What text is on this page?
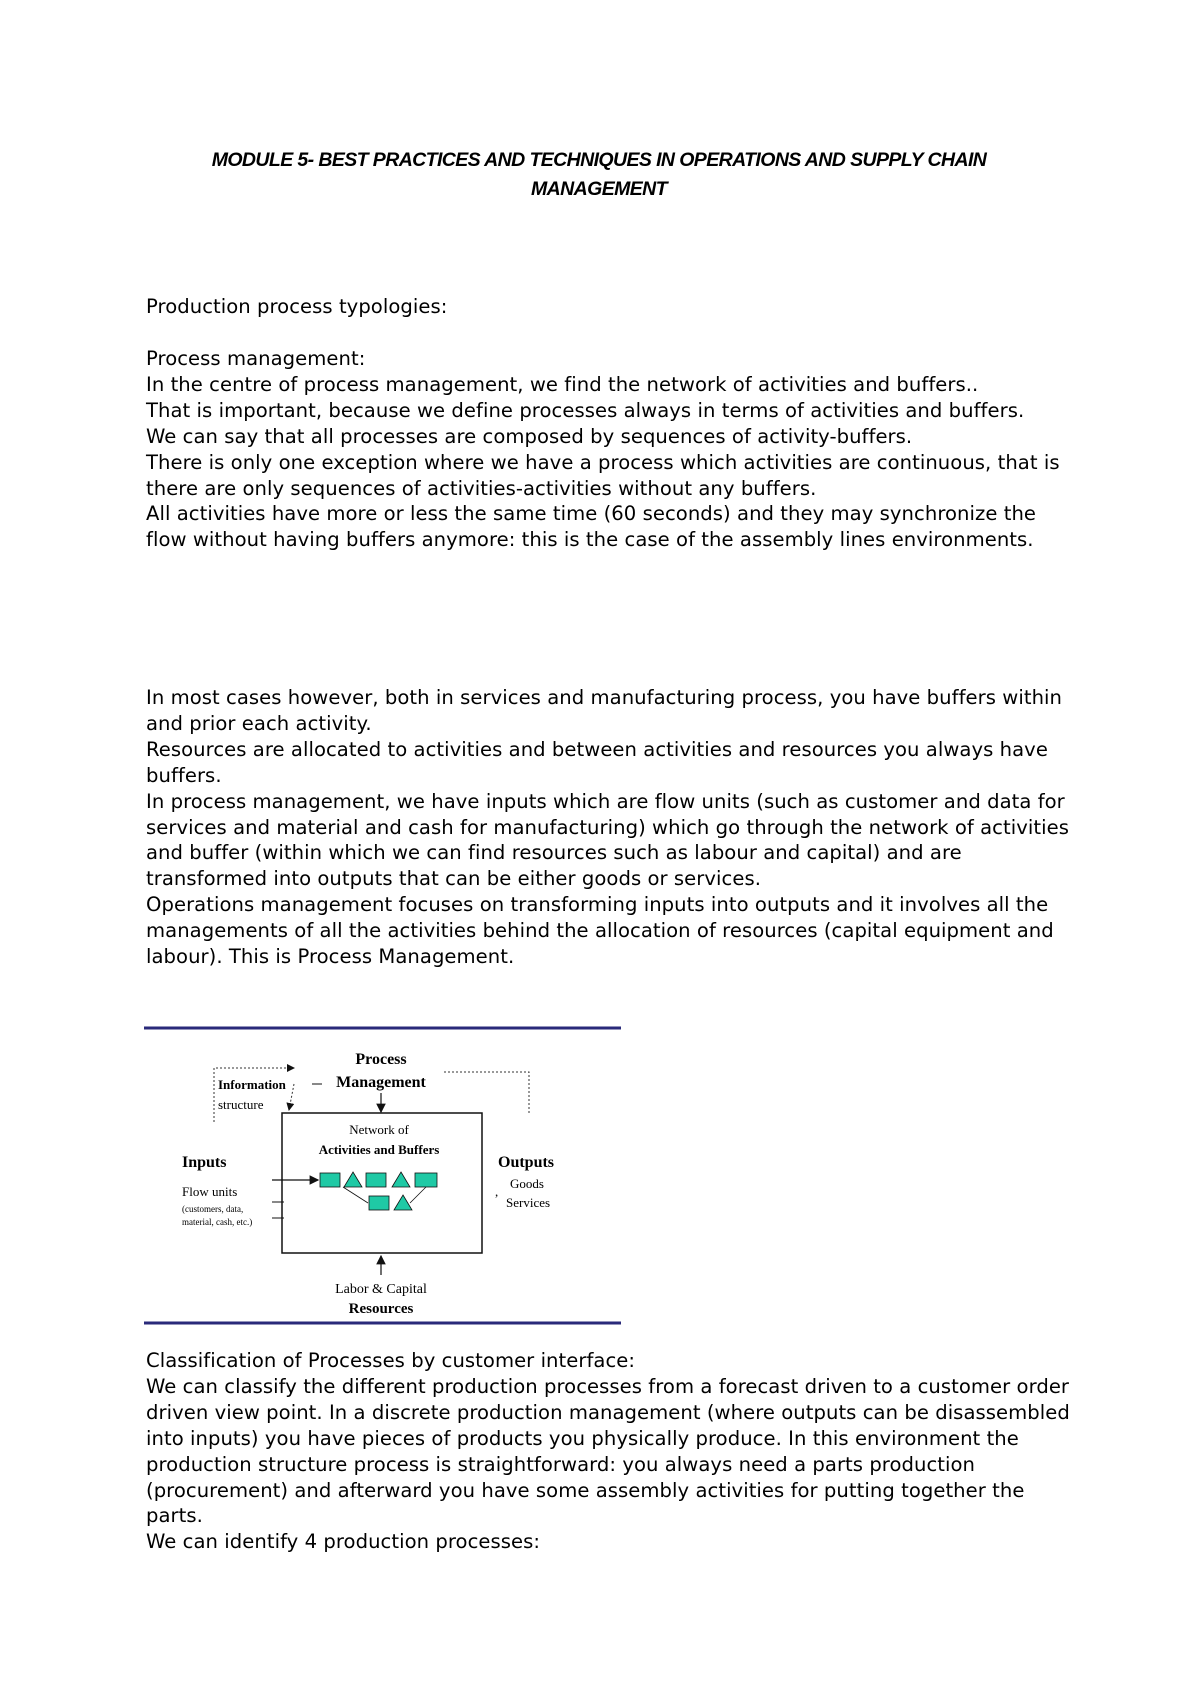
MODULE 5- BEST PRACTICES AND TECHNIQUES IN OPERATIONS AND SUPPLY CHAIN MANAGEMENT
Production process typologies:
Process management:
In the centre of process management, we find the network of activities and buffers..
That is important, because we define processes always in terms of activities and buffers.
We can say that all processes are composed by sequences of activity-buffers.
There is only one exception where we have a process which activities are continuous, that is there are only sequences of activities-activities without any buffers.
All activities have more or less the same time (60 seconds) and they may synchronize the flow without having buffers anymore: this is the case of the assembly lines environments.
In most cases however, both in services and manufacturing process, you have buffers within and prior each activity.
Resources are allocated to activities and between activities and resources you always have buffers.
In process management, we have inputs which are flow units (such as customer and data for services and material and cash for manufacturing) which go through the network of activities and buffer (within which we can find resources such as labour and capital) and are transformed into outputs that can be either goods or services.
Operations management focuses on transforming inputs into outputs and it involves all the managements of all the activities behind the allocation of resources (capital equipment and labour). This is Process Management.
Process
Management
Information
structure
Network of
Activities and Buffers
Inputs
Flow units
(customers, data,
material, cash, etc.)
Outputs
Goods
Services
,
Labor & Capital
Resources
Classification of Processes by customer interface:
We can classify the different production processes from a forecast driven to a customer order driven view point. In a discrete production management (where outputs can be disassembled into inputs) you have pieces of products you physically produce. In this environment the production structure process is straightforward: you always need a parts production (procurement) and afterward you have some assembly activities for putting together the parts.
We can identify 4 production processes:
